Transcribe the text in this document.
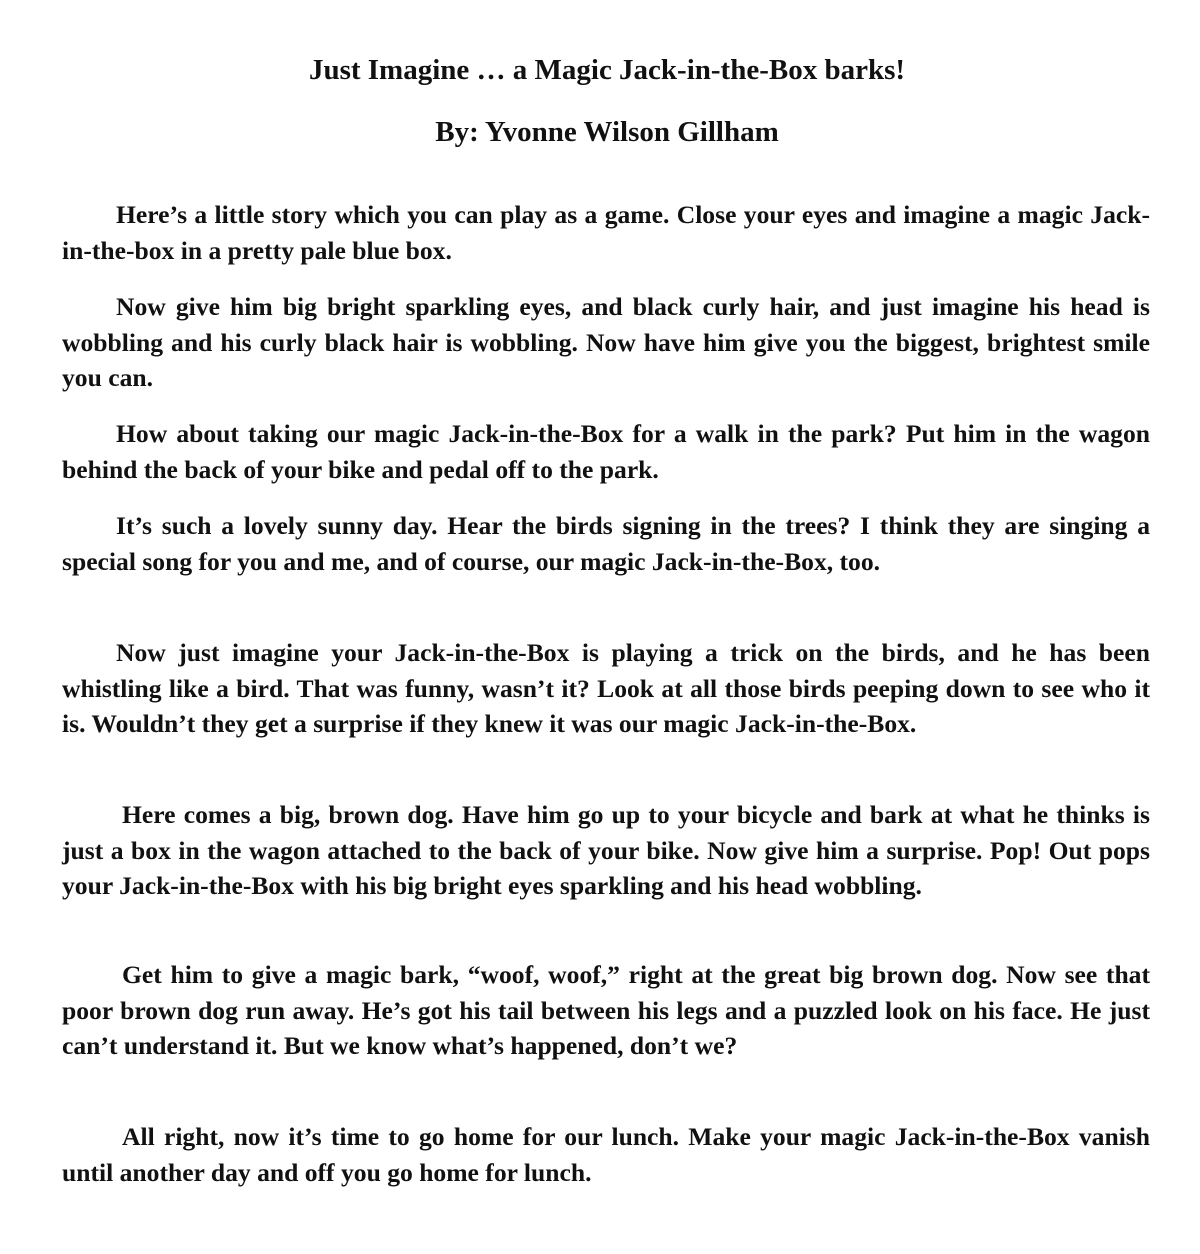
Just Imagine … a Magic Jack-in-the-Box barks!
By: Yvonne Wilson Gillham

Here’s a little story which you can play as a game. Close your eyes and imagine a magic Jack-in-the-box in a pretty pale blue box.

Now give him big bright sparkling eyes, and black curly hair, and just imagine his head is wobbling and his curly black hair is wobbling. Now have him give you the biggest, brightest smile you can.

How about taking our magic Jack-in-the-Box for a walk in the park? Put him in the wagon behind the back of your bike and pedal off to the park.

It’s such a lovely sunny day. Hear the birds signing in the trees? I think they are singing a special song for you and me, and of course, our magic Jack-in-the-Box, too.

Now just imagine your Jack-in-the-Box is playing a trick on the birds, and he has been whistling like a bird. That was funny, wasn’t it? Look at all those birds peeping down to see who it is. Wouldn’t they get a surprise if they knew it was our magic Jack-in-the-Box.

Here comes a big, brown dog. Have him go up to your bicycle and bark at what he thinks is just a box in the wagon attached to the back of your bike. Now give him a surprise. Pop! Out pops your Jack-in-the-Box with his big bright eyes sparkling and his head wobbling.

Get him to give a magic bark, “woof, woof,” right at the great big brown dog. Now see that poor brown dog run away. He’s got his tail between his legs and a puzzled look on his face. He just can’t understand it. But we know what’s happened, don’t we?

All right, now it’s time to go home for our lunch. Make your magic Jack-in-the-Box vanish until another day and off you go home for lunch.
